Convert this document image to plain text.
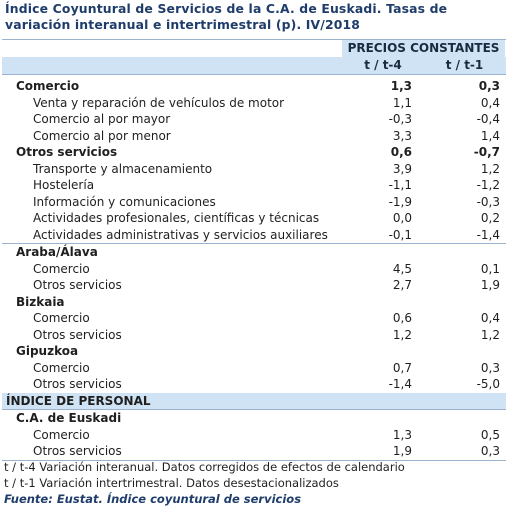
Índice Coyuntural de Servicios de la C.A. de Euskadi. Tasas de variación interanual e intertrimestral (p). IV/2018
PRECIOS CONSTANTES
t / t-4	t / t-1
Comercio	1,3	0,3
Venta y reparación de vehículos de motor	1,1	0,4
Comercio al por mayor	-0,3	-0,4
Comercio al por menor	3,3	1,4
Otros servicios	0,6	-0,7
Transporte y almacenamiento	3,9	1,2
Hostelería	-1,1	-1,2
Información y comunicaciones	-1,9	-0,3
Actividades profesionales, científicas y técnicas	0,0	0,2
Actividades administrativas y servicios auxiliares	-0,1	-1,4
Araba/Álava
Comercio	4,5	0,1
Otros servicios	2,7	1,9
Bizkaia
Comercio	0,6	0,4
Otros servicios	1,2	1,2
Gipuzkoa
Comercio	0,7	0,3
Otros servicios	-1,4	-5,0
ÍNDICE DE PERSONAL
C.A. de Euskadi
Comercio	1,3	0,5
Otros servicios	1,9	0,3
t / t-4 Variación interanual. Datos corregidos de efectos de calendario
t / t-1 Variación intertrimestral. Datos desestacionalizados
Fuente: Eustat. Índice coyuntural de servicios
